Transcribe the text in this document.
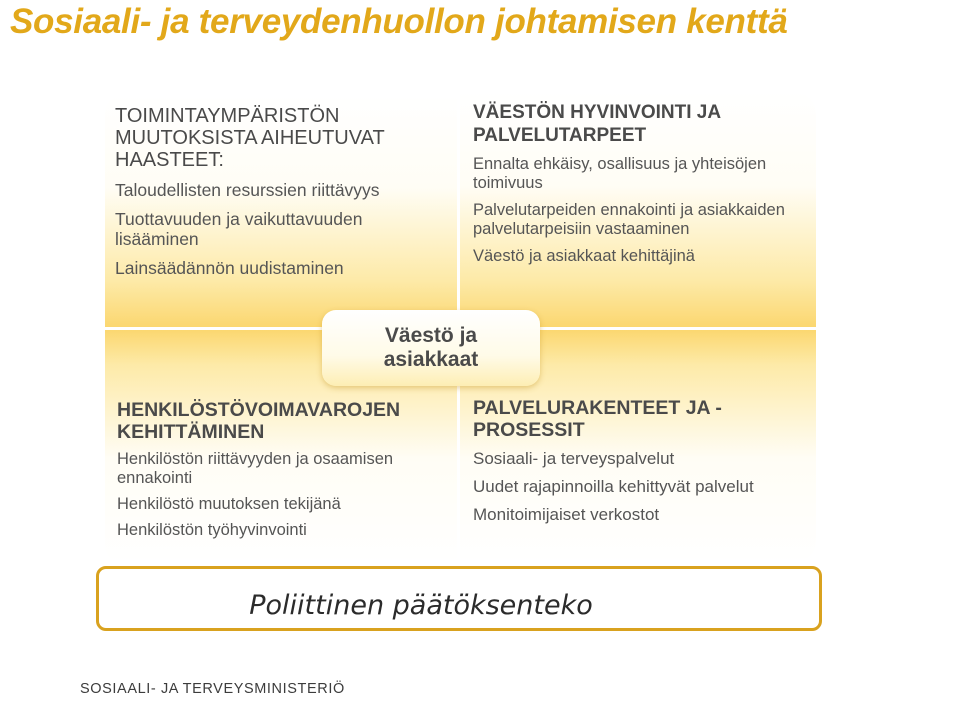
Sosiaali- ja terveydenhuollon johtamisen kenttä

TOIMINTAYMPÄRISTÖN MUUTOKSISTA AIHEUTUVAT HAASTEET:

Taloudellisten resurssien riittävyys

Tuottavuuden ja vaikuttavuuden lisääminen

Lainsäädännön uudistaminen

VÄESTÖN HYVINVOINTI JA PALVELUTARPEET

Ennalta ehkäisy, osallisuus ja yhteisöjen toimivuus

Palvelutarpeiden ennakointi ja asiakkaiden palvelutarpeisiin vastaaminen

Väestö ja asiakkaat kehittäjinä

HENKILÖSTÖVOIMAVAROJEN KEHITTÄMINEN

Henkilöstön riittävyyden ja osaamisen ennakointi

Henkilöstö muutoksen tekijänä

Henkilöstön työhyvinvointi

PALVELURAKENTEET JA - PROSESSIT

Sosiaali- ja terveyspalvelut

Uudet rajapinnoilla kehittyvät palvelut

Monitoimijaiset verkostot

Väestö ja asiakkaat
Poliittinen päätöksenteko
SOSIAALI- JA TERVEYSMINISTERIÖ
